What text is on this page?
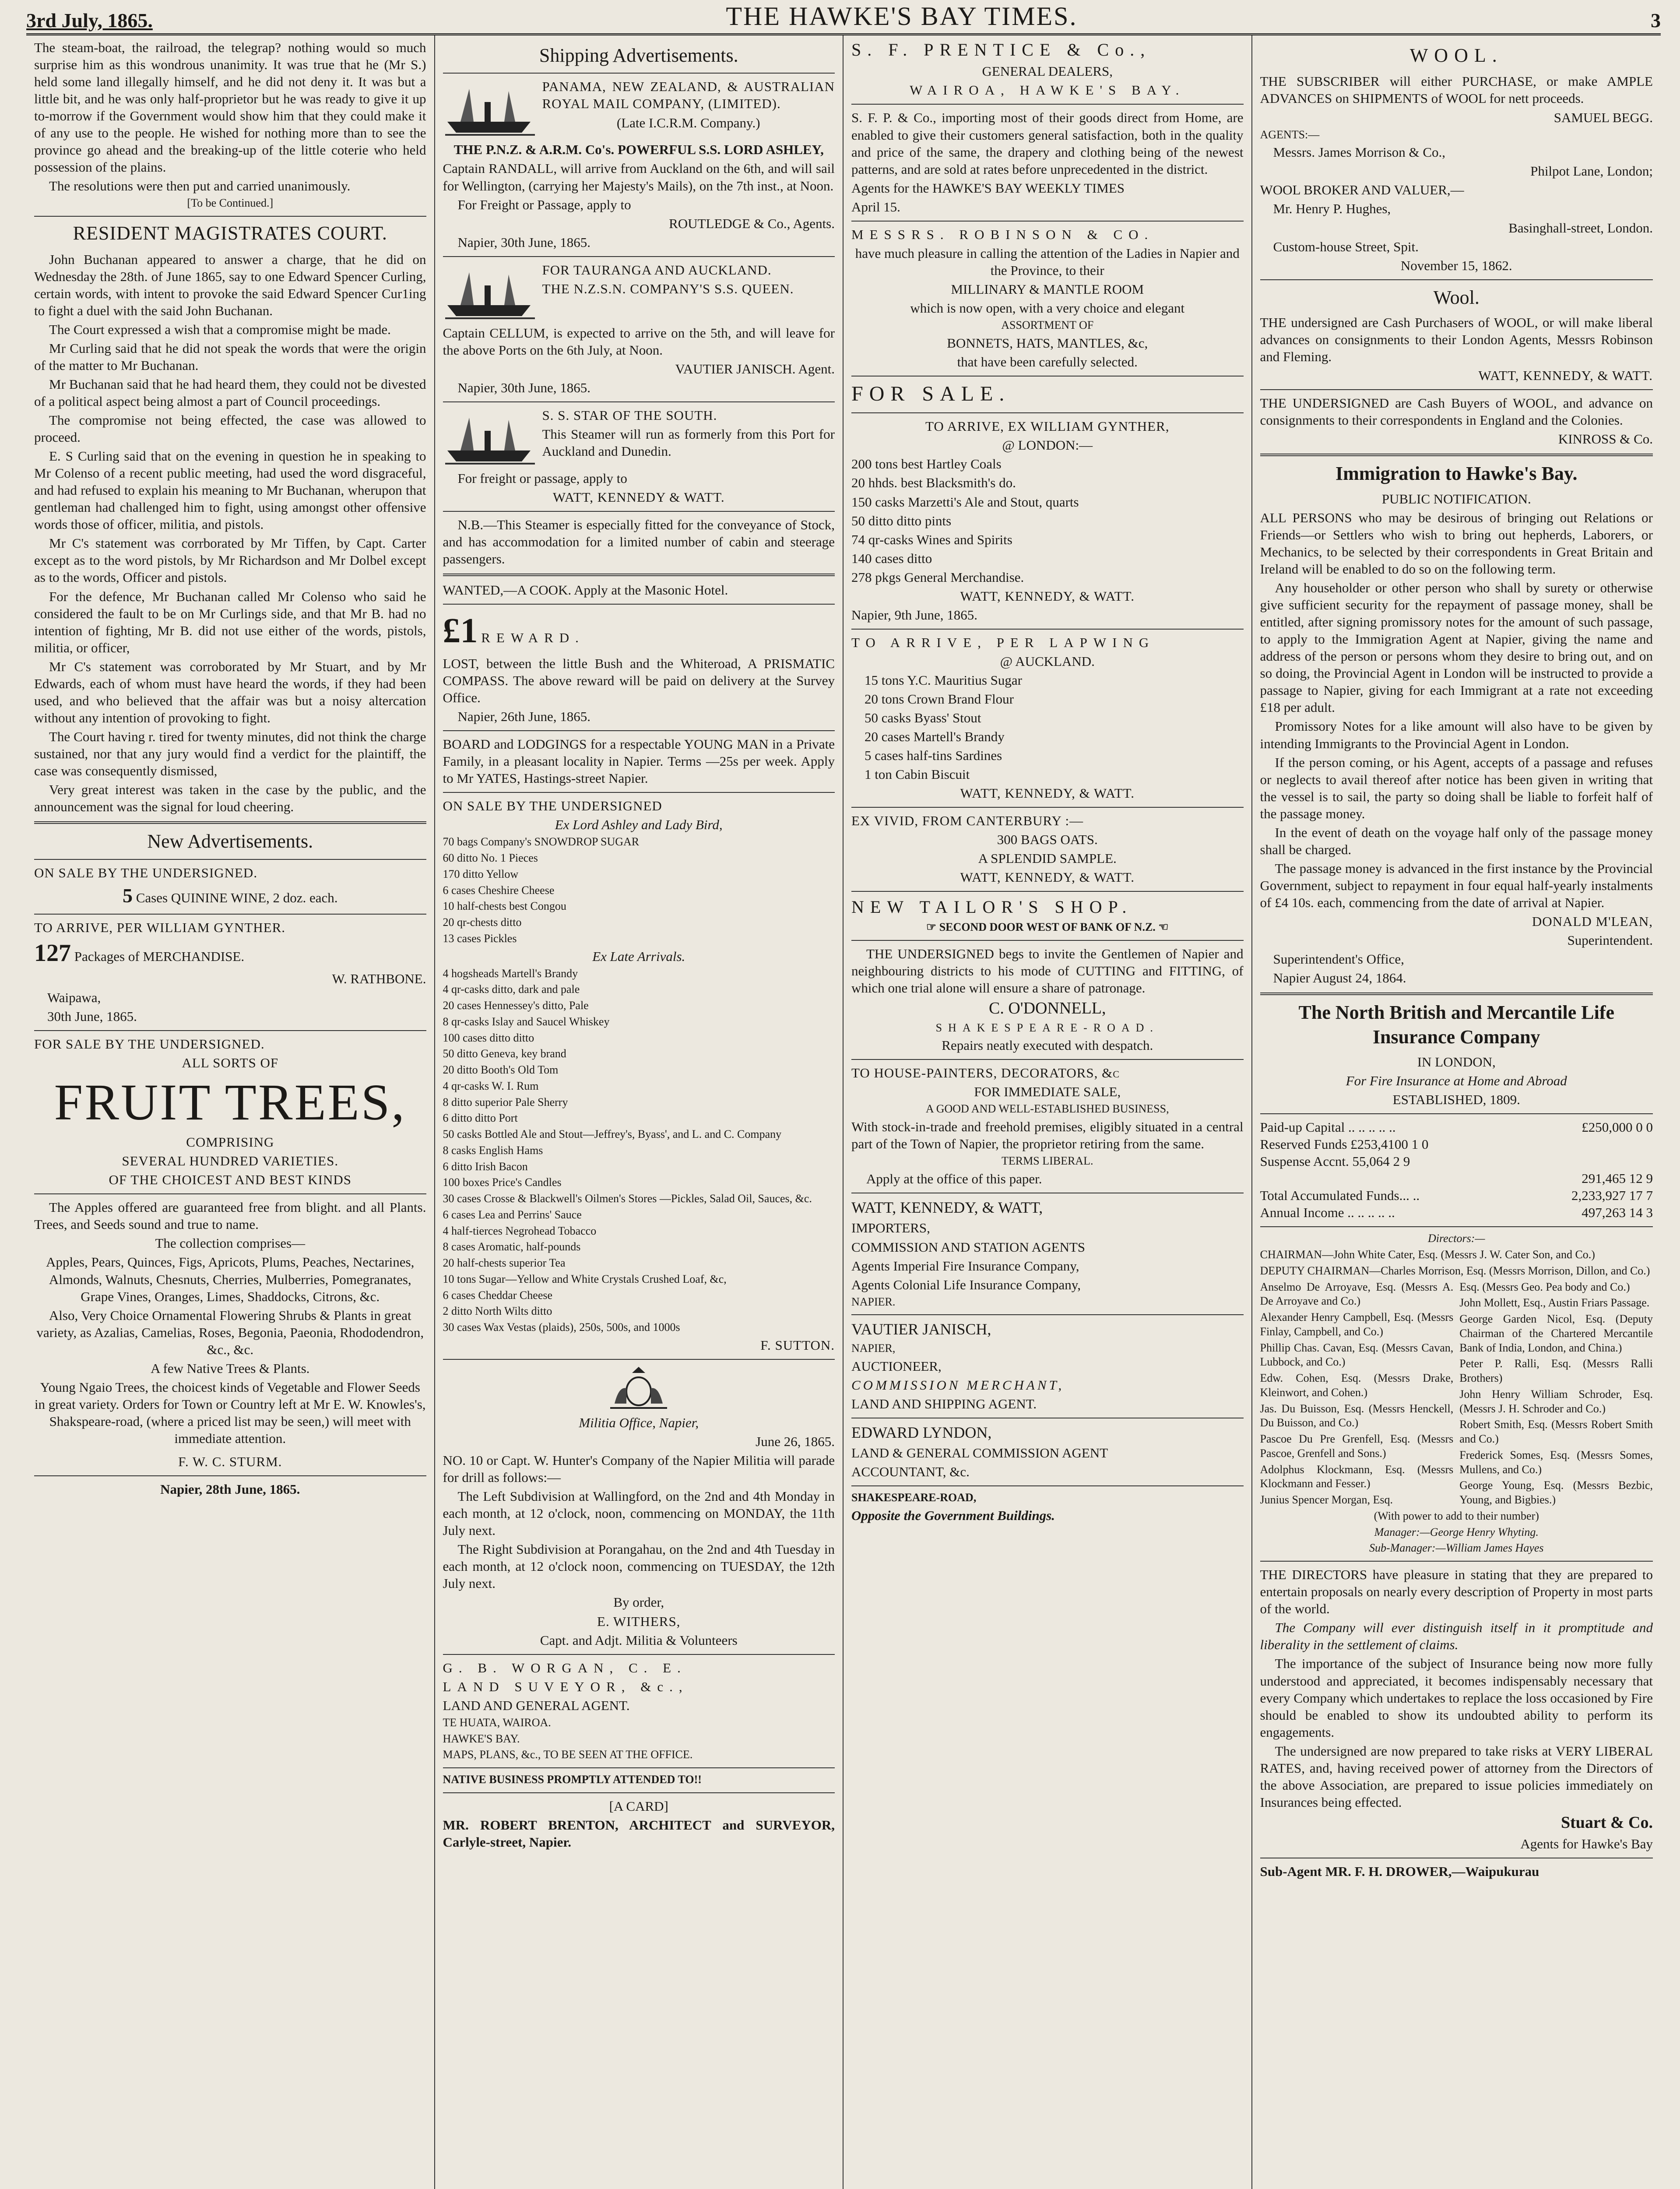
3rd July, 1865.	THE HAWKE'S BAY TIMES.	3

The steam-boat, the railroad, the telegrap? nothing would so much surprise him as this wondrous unanimity. It was true that he (Mr S.) held some land illegally himself, and he did not deny it. It was but a little bit, and he was only half-proprietor but he was ready to give it up to-morrow if the Government would show him that they could make it of any use to the people. He wished for nothing more than to see the province go ahead and the breaking-up of the little coterie who held possession of the plains.

The resolutions were then put and carried unanimously.

[To be Continued.]

RESIDENT MAGISTRATES COURT.

John Buchanan appeared to answer a charge, that he did on Wednesday the 28th. of June 1865, say to one Edward Spencer Curling, certain words, with intent to provoke the said Edward Spencer Cur1ing to fight a duel with the said John Buchanan.

The Court expressed a wish that a compromise might be made.

Mr Curling said that he did not speak the words that were the origin of the matter to Mr Buchanan.

Mr Buchanan said that he had heard them, they could not be divested of a political aspect being almost a part of Council proceedings.

The compromise not being effected, the case was allowed to proceed.

E. S Curling said that on the evening in question he in speaking to Mr Colenso of a recent public meeting, had used the word disgraceful, and had refused to explain his meaning to Mr Buchanan, wherupon that gentleman had challenged him to fight, using amongst other offensive words those of officer, militia, and pistols.

Mr C's statement was corrborated by Mr Tiffen, by Capt. Carter except as to the word pistols, by Mr Richardson and Mr Dolbel except as to the words, Officer and pistols.

For the defence, Mr Buchanan called Mr Colenso who said he considered the fault to be on Mr Curlings side, and that Mr B. had no intention of fighting, Mr B. did not use either of the words, pistols, militia, or officer,

Mr C's statement was corroborated by Mr Stuart, and by Mr Edwards, each of whom must have heard the words, if they had been used, and who believed that the affair was but a noisy altercation without any intention of provoking to fight.

The Court having r. tired for twenty minutes, did not think the charge sustained, nor that any jury would find a verdict for the plaintiff, the case was consequently dismissed,

Very great interest was taken in the case by the public, and the announcement was the signal for loud cheering.

New Advertisements.

ON SALE BY THE UNDERSIGNED.

5 Cases QUININE WINE, 2 doz. each.

TO ARRIVE, PER WILLIAM GYNTHER.

127 Packages of MERCHANDISE.

W. RATHBONE.

Waipawa,

30th June, 1865.

FOR SALE BY THE UNDERSIGNED.

ALL SORTS OF

FRUIT TREES,

COMPRISING

SEVERAL HUNDRED VARIETIES.

OF THE CHOICEST AND BEST KINDS

The Apples offered are guaranteed free from blight. and all Plants. Trees, and Seeds sound and true to name.

The collection comprises—

Apples, Pears, Quinces, Figs, Apricots, Plums, Peaches, Nectarines, Almonds, Walnuts, Chesnuts, Cherries, Mulberries, Pomegranates, Grape Vines, Oranges, Limes, Shaddocks, Citrons, &c.

Also, Very Choice Ornamental Flowering Shrubs & Plants in great variety, as Azalias, Camelias, Roses, Begonia, Paeonia, Rhododendron, &c., &c.

A few Native Trees & Plants.

Young Ngaio Trees, the choicest kinds of Vegetable and Flower Seeds in great variety. Orders for Town or Country left at Mr E. W. Knowles's, Shakspeare-road, (where a priced list may be seen,) will meet with immediate attention.

F. W. C. STURM.

Napier, 28th June, 1865.

Shipping Advertisements.

PANAMA, NEW ZEALAND, & AUSTRALIAN ROYAL MAIL COMPANY, (LIMITED).

(Late I.C.R.M. Company.)

THE P.N.Z. & A.R.M. Co's. POWERFUL S.S. LORD ASHLEY,

Captain RANDALL, will arrive from Auckland on the 6th, and will sail for Wellington, (carrying her Majesty's Mails), on the 7th inst., at Noon.

For Freight or Passage, apply to

ROUTLEDGE & Co., Agents.

Napier, 30th June, 1865.

FOR TAURANGA AND AUCKLAND.

THE N.Z.S.N. COMPANY'S S.S. QUEEN.

Captain CELLUM, is expected to arrive on the 5th, and will leave for the above Ports on the 6th July, at Noon.

VAUTIER JANISCH. Agent.

Napier, 30th June, 1865.

S. S. STAR OF THE SOUTH.

This Steamer will run as formerly from this Port for Auckland and Dunedin.

For freight or passage, apply to

WATT, KENNEDY & WATT.

N.B.—This Steamer is especially fitted for the conveyance of Stock, and has accommodation for a limited number of cabin and steerage passengers.

WANTED,—A COOK. Apply at the Masonic Hotel.

£1 REWARD.

LOST, between the little Bush and the Whiteroad, A PRISMATIC COMPASS. The above reward will be paid on delivery at the Survey Office.

Napier, 26th June, 1865.

BOARD and LODGINGS for a respectable YOUNG MAN in a Private Family, in a pleasant locality in Napier. Terms —25s per week. Apply to Mr YATES, Hastings-street Napier.

ON SALE BY THE UNDERSIGNED

Ex Lord Ashley and Lady Bird,

70 bags Company's SNOWDROP SUGAR

60 ditto No. 1 Pieces

170 ditto Yellow

6 cases Cheshire Cheese

10 half-chests best Congou

20 qr-chests ditto

13 cases Pickles

Ex Late Arrivals.

4 hogsheads Martell's Brandy

4 qr-casks ditto, dark and pale

20 cases Hennessey's ditto, Pale

8 qr-casks Islay and Saucel Whiskey

100 cases ditto ditto

50 ditto Geneva, key brand

20 ditto Booth's Old Tom

4 qr-casks W. I. Rum

8 ditto superior Pale Sherry

6 ditto ditto Port

50 casks Bottled Ale and Stout—Jeffrey's, Byass', and L. and C. Company

8 casks English Hams

6 ditto Irish Bacon

100 boxes Price's Candles

30 cases Crosse & Blackwell's Oilmen's Stores —Pickles, Salad Oil, Sauces, &c.

6 cases Lea and Perrins' Sauce

4 half-tierces Negrohead Tobacco

8 cases Aromatic, half-pounds

20 half-chests superior Tea

10 tons Sugar—Yellow and White Crystals Crushed Loaf, &c,

6 cases Cheddar Cheese

2 ditto North Wilts ditto

30 cases Wax Vestas (plaids), 250s, 500s, and 1000s

F. SUTTON.

Militia Office, Napier,

June 26, 1865.

NO. 10 or Capt. W. Hunter's Company of the Napier Militia will parade for drill as follows:—

The Left Subdivision at Wallingford, on the 2nd and 4th Monday in each month, at 12 o'clock, noon, commencing on MONDAY, the 11th July next.

The Right Subdivision at Porangahau, on the 2nd and 4th Tuesday in each month, at 12 o'clock noon, commencing on TUESDAY, the 12th July next.

By order,

E. WITHERS,

Capt. and Adjt. Militia & Volunteers

G. B. WORGAN, C. E.

LAND SUVEYOR, &c.,

LAND AND GENERAL AGENT.

TE HUATA, WAIROA.

HAWKE'S BAY.

MAPS, PLANS, &c., TO BE SEEN AT THE OFFICE.

NATIVE BUSINESS PROMPTLY ATTENDED TO!!

[A CARD]

MR. ROBERT BRENTON, ARCHITECT and SURVEYOR, Carlyle-street, Napier.

S. F. PRENTICE & Co.,

GENERAL DEALERS,

WAIROA, HAWKE'S BAY.

S. F. P. & Co., importing most of their goods direct from Home, are enabled to give their customers general satisfaction, both in the quality and price of the same, the drapery and clothing being of the newest patterns, and are sold at rates before unprecedented in the district.

Agents for the HAWKE'S BAY WEEKLY TIMES

April 15.

MESSRS. ROBINSON & CO.

have much pleasure in calling the attention of the Ladies in Napier and the Province, to their

MILLINARY & MANTLE ROOM

which is now open, with a very choice and elegant

ASSORTMENT OF

BONNETS, HATS, MANTLES, &c,

that have been carefully selected.

FOR SALE.

TO ARRIVE, EX WILLIAM GYNTHER,

@ LONDON:—

200 tons best Hartley Coals

20 hhds. best Blacksmith's do.

150 casks Marzetti's Ale and Stout, quarts

50 ditto ditto pints

74 qr-casks Wines and Spirits

140 cases ditto

278 pkgs General Merchandise.

WATT, KENNEDY, & WATT.

Napier, 9th June, 1865.

TO ARRIVE, PER LAPWING

@ AUCKLAND.

15 tons Y.C. Mauritius Sugar

20 tons Crown Brand Flour

50 casks Byass' Stout

20 cases Martell's Brandy

5 cases half-tins Sardines

1 ton Cabin Biscuit

WATT, KENNEDY, & WATT.

EX VIVID, FROM CANTERBURY :—

300 BAGS OATS.

A SPLENDID SAMPLE.

WATT, KENNEDY, & WATT.

NEW TAILOR'S SHOP.

☞ SECOND DOOR WEST OF BANK OF N.Z. ☜

THE UNDERSIGNED begs to invite the Gentlemen of Napier and neighbouring districts to his mode of CUTTING and FITTING, of which one trial alone will ensure a share of patronage.

C. O'DONNELL,

SHAKESPEARE-ROAD.

Repairs neatly executed with despatch.

TO HOUSE-PAINTERS, DECORATORS, &c

FOR IMMEDIATE SALE,

A GOOD AND WELL-ESTABLISHED BUSINESS,

With stock-in-trade and freehold premises, eligibly situated in a central part of the Town of Napier, the proprietor retiring from the same.

TERMS LIBERAL.

Apply at the office of this paper.

WATT, KENNEDY, & WATT,

IMPORTERS,

COMMISSION AND STATION AGENTS

Agents Imperial Fire Insurance Company,

Agents Colonial Life Insurance Company,

NAPIER.

VAUTIER JANISCH,

NAPIER,

AUCTIONEER,

COMMISSION MERCHANT,

LAND AND SHIPPING AGENT.

EDWARD LYNDON,

LAND & GENERAL COMMISSION AGENT

ACCOUNTANT, &c.

SHAKESPEARE-ROAD,

Opposite the Government Buildings.

WOOL.

THE SUBSCRIBER will either PURCHASE, or make AMPLE ADVANCES on SHIPMENTS of WOOL for nett proceeds.

SAMUEL BEGG.

AGENTS:—

Messrs. James Morrison & Co.,

Philpot Lane, London;

WOOL BROKER AND VALUER,—

Mr. Henry P. Hughes,

Basinghall-street, London.

Custom-house Street, Spit.

November 15, 1862.

Wool.

THE undersigned are Cash Purchasers of WOOL, or will make liberal advances on consignments to their London Agents, Messrs Robinson and Fleming.

WATT, KENNEDY, & WATT.

THE UNDERSIGNED are Cash Buyers of WOOL, and advance on consignments to their correspondents in England and the Colonies.

KINROSS & Co.

Immigration to Hawke's Bay.

PUBLIC NOTIFICATION.

ALL PERSONS who may be desirous of bringing out Relations or Friends—or Settlers who wish to bring out hepherds, Laborers, or Mechanics, to be selected by their correspondents in Great Britain and Ireland will be enabled to do so on the following term.

Any householder or other person who shall by surety or otherwise give sufficient security for the repayment of passage money, shall be entitled, after signing promissory notes for the amount of such passage, to apply to the Immigration Agent at Napier, giving the name and address of the person or persons whom they desire to bring out, and on so doing, the Provincial Agent in London will be instructed to provide a passage to Napier, giving for each Immigrant at a rate not exceeding £18 per adult.

Promissory Notes for a like amount will also have to be given by intending Immigrants to the Provincial Agent in London.

If the person coming, or his Agent, accepts of a passage and refuses or neglects to avail thereof after notice has been given in writing that the vessel is to sail, the party so doing shall be liable to forfeit half of the passage money.

In the event of death on the voyage half only of the passage money shall be charged.

The passage money is advanced in the first instance by the Provincial Government, subject to repayment in four equal half-yearly instalments of £4 10s. each, commencing from the date of arrival at Napier.

DONALD M'LEAN,

Superintendent.

Superintendent's Office,

Napier August 24, 1864.

The North British and Mercantile Life Insurance Company

IN LONDON,

For Fire Insurance at Home and Abroad

ESTABLISHED, 1809.

Paid-up Capital .. .. .. .. ..	£250,000 0 0
Reserved Funds £253,4100 1 0
Suspense Accnt. 55,064 2 9
291,465 12 9
Total Accumulated Funds... ..	2,233,927 17 7
Annual Income .. .. .. .. ..	497,263 14 3

Directors:—

CHAIRMAN—John White Cater, Esq. (Messrs J. W. Cater Son, and Co.)

DEPUTY CHAIRMAN—Charles Morrison, Esq. (Messrs Morrison, Dillon, and Co.)

Anselmo De Arroyave, Esq. (Messrs A. De Arroyave and Co.)

Alexander Henry Campbell, Esq. (Messrs Finlay, Campbell, and Co.)

Phillip Chas. Cavan, Esq. (Messrs Cavan, Lubbock, and Co.)

Edw. Cohen, Esq. (Messrs Drake, Kleinwort, and Cohen.)

Jas. Du Buisson, Esq. (Messrs Henckell, Du Buisson, and Co.)

Pascoe Du Pre Grenfell, Esq. (Messrs Pascoe, Grenfell and Sons.)

Adolphus Klockmann, Esq. (Messrs Klockmann and Fesser.)

Junius Spencer Morgan, Esq.

Esq. (Messrs Geo. Pea body and Co.)

John Mollett, Esq., Austin Friars Passage.

George Garden Nicol, Esq. (Deputy Chairman of the Chartered Mercantile Bank of India, London, and China.)

Peter P. Ralli, Esq. (Messrs Ralli Brothers)

John Henry William Schroder, Esq. (Messrs J. H. Schroder and Co.)

Robert Smith, Esq. (Messrs Robert Smith and Co.)

Frederick Somes, Esq. (Messrs Somes, Mullens, and Co.)

George Young, Esq. (Messrs Bezbic, Young, and Bigbies.)

(With power to add to their number)

Manager:—George Henry Whyting.

Sub-Manager:—William James Hayes

THE DIRECTORS have pleasure in stating that they are prepared to entertain proposals on nearly every description of Property in most parts of the world.

The Company will ever distinguish itself in it promptitude and liberality in the settlement of claims.

The importance of the subject of Insurance being now more fully understood and appreciated, it becomes indispensably necessary that every Company which undertakes to replace the loss occasioned by Fire should be enabled to show its undoubted ability to perform its engagements.

The undersigned are now prepared to take risks at VERY LIBERAL RATES, and, having received power of attorney from the Directors of the above Association, are prepared to issue policies immediately on Insurances being effected.

Stuart & Co.

Agents for Hawke's Bay

Sub-Agent MR. F. H. DROWER,—Waipukurau
